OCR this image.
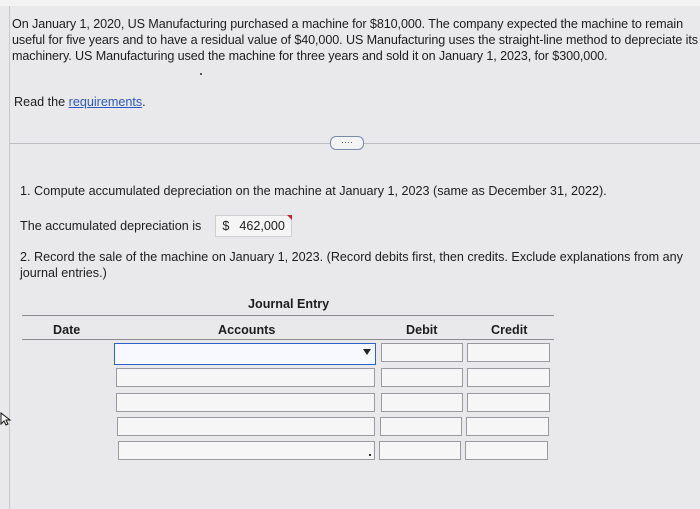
On January 1, 2020, US Manufacturing purchased a machine for $810,000. The company expected the machine to remain useful for five years and to have a residual value of $40,000. US Manufacturing uses the straight-line method to depreciate its machinery. US Manufacturing used the machine for three years and sold it on January 1, 2023, for $300,000.
Read the requirements.
····
1. Compute accumulated depreciation on the machine at January 1, 2023 (same as December 31, 2022).
The accumulated depreciation is $ 462,000
2. Record the sale of the machine on January 1, 2023. (Record debits first, then credits. Exclude explanations from any journal entries.)
Journal Entry
Date	Accounts	Debit	Credit
